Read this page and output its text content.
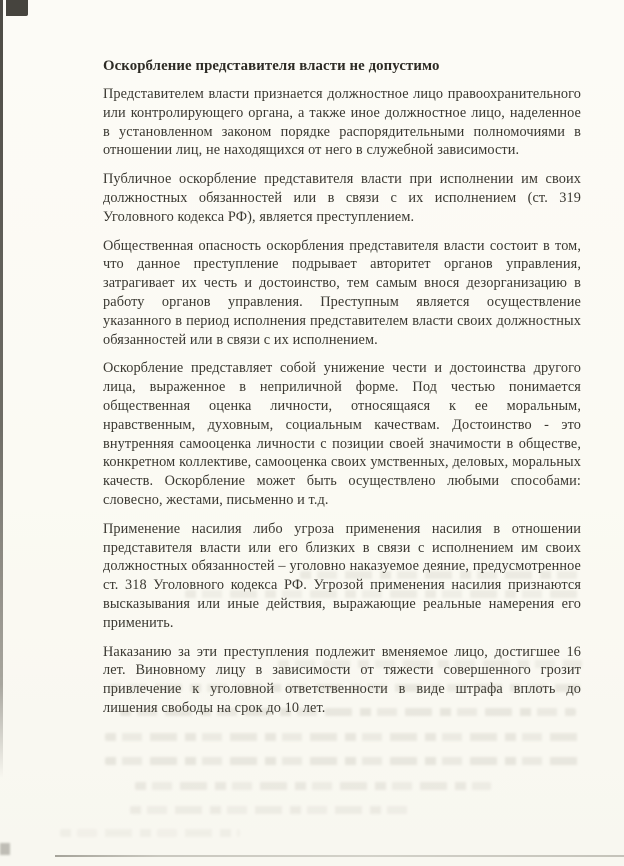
Оскорбление представителя власти не допустимо

Представителем власти признается должностное лицо правоохранительного или контролирующего органа, а также иное должностное лицо, наделенное в установленном законом порядке распорядительными полномочиями в отношении лиц, не находящихся от него в служебной зависимости.

Публичное оскорбление представителя власти при исполнении им своих должностных обязанностей или в связи с их исполнением (ст. 319 Уголовного кодекса РФ), является преступлением.

Общественная опасность оскорбления представителя власти состоит в том, что данное преступление подрывает авторитет органов управления, затрагивает их честь и достоинство, тем самым внося дезорганизацию в работу органов управления. Преступным является осуществление указанного в период исполнения представителем власти своих должностных обязанностей или в связи с их исполнением.

Оскорбление представляет собой унижение чести и достоинства другого лица, выраженное в неприличной форме. Под честью понимается общественная оценка личности, относящаяся к ее моральным, нравственным, духовным, социальным качествам. Достоинство - это внутренняя самооценка личности с позиции своей значимости в обществе, конкретном коллективе, самооценка своих умственных, деловых, моральных качеств. Оскорбление может быть осуществлено любыми способами: словесно, жестами, письменно и т.д.

Применение насилия либо угроза применения насилия в отношении представителя власти или его близких в связи с исполнением им своих должностных обязанностей – уголовно наказуемое деяние, предусмотренное ст. 318 Уголовного кодекса РФ. Угрозой применения насилия признаются высказывания или иные действия, выражающие реальные намерения его применить.

Наказанию за эти преступления подлежит вменяемое лицо, достигшее 16 лет. Виновному лицу в зависимости от тяжести совершенного грозит привлечение к уголовной ответственности в виде штрафа вплоть до лишения свободы на срок до 10 лет.
